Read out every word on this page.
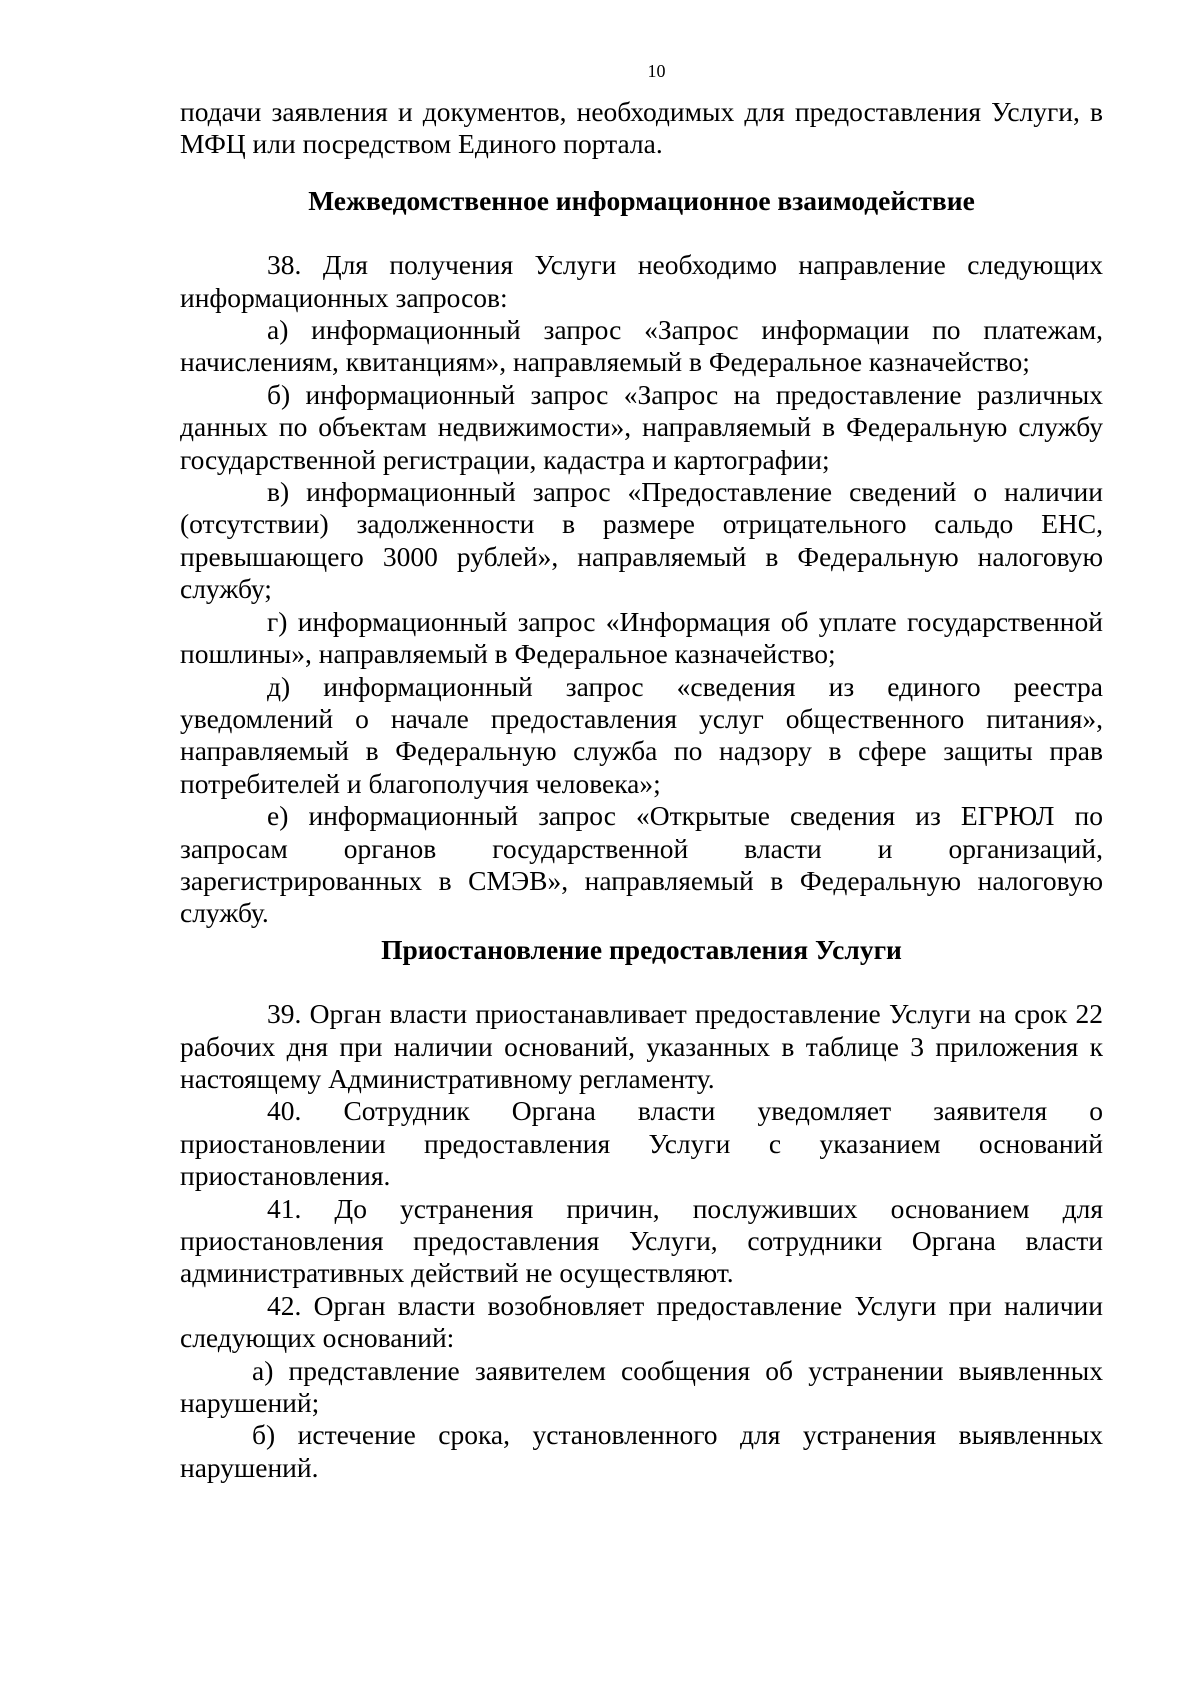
10

подачи заявления и документов, необходимых для предоставления Услуги, в МФЦ или посредством Единого портала.

Межведомственное информационное взаимодействие

38. Для получения Услуги необходимо направление следующих информационных запросов:

а) информационный запрос «Запрос информации по платежам, начислениям, квитанциям», направляемый в Федеральное казначейство;

б) информационный запрос «Запрос на предоставление различных данных по объектам недвижимости», направляемый в Федеральную службу государственной регистрации, кадастра и картографии;

в) информационный запрос «Предоставление сведений о наличии (отсутствии) задолженности в размере отрицательного сальдо ЕНС, превышающего 3000 рублей», направляемый в Федеральную налоговую службу;

г) информационный запрос «Информация об уплате государственной пошлины», направляемый в Федеральное казначейство;

д) информационный запрос «сведения из единого реестра уведомлений о начале предоставления услуг общественного питания», направляемый в Федеральную служба по надзору в сфере защиты прав потребителей и благополучия человека»;

е) информационный запрос «Открытые сведения из ЕГРЮЛ по запросам органов государственной власти и организаций, зарегистрированных в СМЭВ», направляемый в Федеральную налоговую службу.

Приостановление предоставления Услуги

39. Орган власти приостанавливает предоставление Услуги на срок 22 рабочих дня при наличии оснований, указанных в таблице 3 приложения к настоящему Административному регламенту.

40. Сотрудник Органа власти уведомляет заявителя о приостановлении предоставления Услуги с указанием оснований приостановления.

41. До устранения причин, послуживших основанием для приостановления предоставления Услуги, сотрудники Органа власти административных действий не осуществляют.

42. Орган власти возобновляет предоставление Услуги при наличии следующих оснований:

а) представление заявителем сообщения об устранении выявленных нарушений;

б) истечение срока, установленного для устранения выявленных нарушений.
